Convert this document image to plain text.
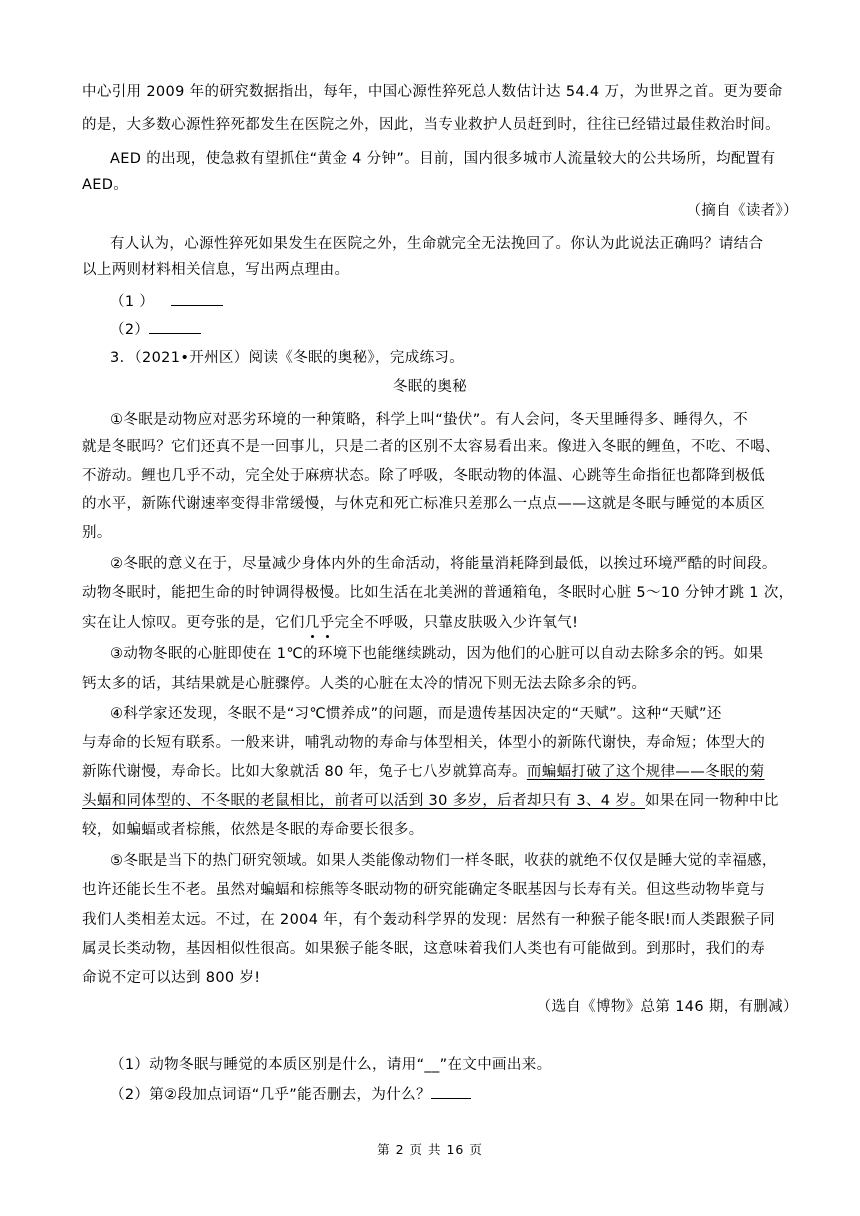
中心引用 2009 年的研究数据指出，每年，中国心源性猝死总人数估计达 54.4 万，为世界之首。更为要命
的是，大多数心源性猝死都发生在医院之外，因此，当专业救护人员赶到时，往往已经错过最佳救治时间。
AED 的出现，使急救有望抓住“黄金 4 分钟”。目前，国内很多城市人流量较大的公共场所，均配置有
AED。
（摘自《读者》）
有人认为，心源性猝死如果发生在医院之外，生命就完全无法挽回了。你认为此说法正确吗？请结合
以上两则材料相关信息，写出两点理由。
（1 ）
（2）
3．（2021•开州区）阅读《冬眠的奥秘》，完成练习。
冬眠的奥秘
①冬眠是动物应对恶劣环境的一种策略，科学上叫“蛰伏”。有人会问，冬天里睡得多、睡得久，不
就是冬眠吗？它们还真不是一回事儿，只是二者的区别不太容易看出来。像进入冬眠的鲤鱼，不吃、不喝、
不游动。鲤也几乎不动，完全处于麻痹状态。除了呼吸，冬眠动物的体温、心跳等生命指征也都降到极低
的水平，新陈代谢速率变得非常缓慢，与休克和死亡标准只差那么一点点——这就是冬眠与睡觉的本质区
别。
②冬眠的意义在于，尽量减少身体内外的生命活动，将能量消耗降到最低，以挨过环境严酷的时间段。
动物冬眠时，能把生命的时钟调得极慢。比如生活在北美洲的普通箱龟，冬眠时心脏 5～10 分钟才跳 1 次，
实在让人惊叹。更夸张的是，它们几乎完全不呼吸，只靠皮肤吸入少许氧气!
③动物冬眠的心脏即使在 1℃的环境下也能继续跳动，因为他们的心脏可以自动去除多余的钙。如果
钙太多的话，其结果就是心脏骤停。人类的心脏在太冷的情况下则无法去除多余的钙。
④科学家还发现，冬眠不是“习℃惯养成”的问题，而是遗传基因决定的“天赋”。这种“天赋”还
与寿命的长短有联系。一般来讲，哺乳动物的寿命与体型相关，体型小的新陈代谢快，寿命短；体型大的
新陈代谢慢，寿命长。比如大象就活 80 年，兔子七八岁就算高寿。而蝙蝠打破了这个规律——冬眠的菊
头蝠和同体型的、不冬眠的老鼠相比，前者可以活到 30 多岁，后者却只有 3、4 岁。如果在同一物种中比
较，如蝙蝠或者棕熊，依然是冬眠的寿命要长很多。
⑤冬眠是当下的热门研究领域。如果人类能像动物们一样冬眠，收获的就绝不仅仅是睡大觉的幸福感，
也许还能长生不老。虽然对蝙蝠和棕熊等冬眠动物的研究能确定冬眠基因与长寿有关。但这些动物毕竟与
我们人类相差太远。不过，在 2004 年，有个轰动科学界的发现：居然有一种猴子能冬眠!而人类跟猴子同
属灵长类动物，基因相似性很高。如果猴子能冬眠，这意味着我们人类也有可能做到。到那时，我们的寿
命说不定可以达到 800 岁!
（选自《博物》总第 146 期，有删减）
（1）动物冬眠与睡觉的本质区别是什么，请用“__”在文中画出来。
（2）第②段加点词语“几乎”能否删去，为什么？
第 2 页 共 16 页
